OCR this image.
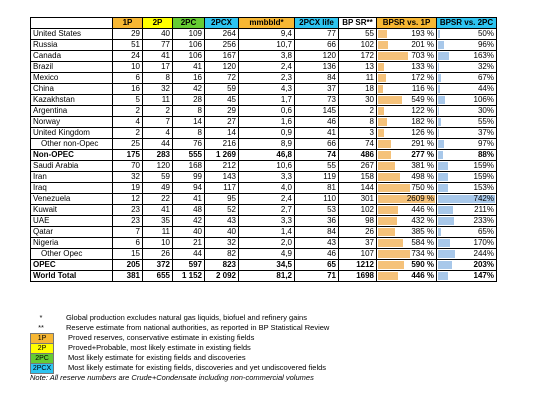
	1P	2P	2PC	2PCX	mmbbld*	2PCX life	BP SR**	BPSR vs. 1P	BPSR vs. 2PC
United States	29	40	109	264	9,4	77	55	193 %	50%
Russia	51	77	106	256	10,7	66	102	201 %	96%
Canada	24	41	106	167	3,8	120	172	703 %	163%
Brazil	10	17	41	120	2,4	136	13	133 %	32%
Mexico	6	8	16	72	2,3	84	11	172 %	67%
China	16	32	42	59	4,3	37	18	116 %	44%
Kazakhstan	5	11	28	45	1,7	73	30	549 %	106%
Argentina	2	2	8	29	0,6	145	2	122 %	30%
Norway	4	7	14	27	1,6	46	8	182 %	55%
United Kingdom	2	4	8	14	0,9	41	3	126 %	37%
Other non-Opec	25	44	76	216	8,9	66	74	291 %	97%
Non-OPEC	175	283	555	1 269	46,8	74	486	277 %	88%
Saudi Arabia	70	120	168	212	10,6	55	267	381 %	159%
Iran	32	59	99	143	3,3	119	158	498 %	159%
Iraq	19	49	94	117	4,0	81	144	750 %	153%
Venezuela	12	22	41	95	2,4	110	301	2609 %	742%
Kuwait	23	41	48	52	2,7	53	102	446 %	211%
UAE	23	35	42	43	3,3	36	98	432 %	233%
Qatar	7	11	40	40	1,4	84	26	385 %	65%
Nigeria	6	10	21	32	2,0	43	37	584 %	170%
Other Opec	15	26	44	82	4,9	46	107	734 %	244%
OPEC	205	372	597	823	34,5	65	1212	590 %	203%
World Total	381	655	1 152	2 092	81,2	71	1698	446 %	147%
*	Global production excludes natural gas liquids, biofuel and refinery gains
**	Reserve estimate from national authorities, as reported in BP Statistical Review
1P	Proved reserves, conservative estimate in existing fields
2P	Proved+Probable, most likely estimate in existing fields
2PC	Most likely estimate for existing fields and discoveries
2PCX	Most likely estimate for existing fields, discoveries and yet undiscovered fields
Note: All reserve numbers are Crude+Condensate including non-commercial volumes
